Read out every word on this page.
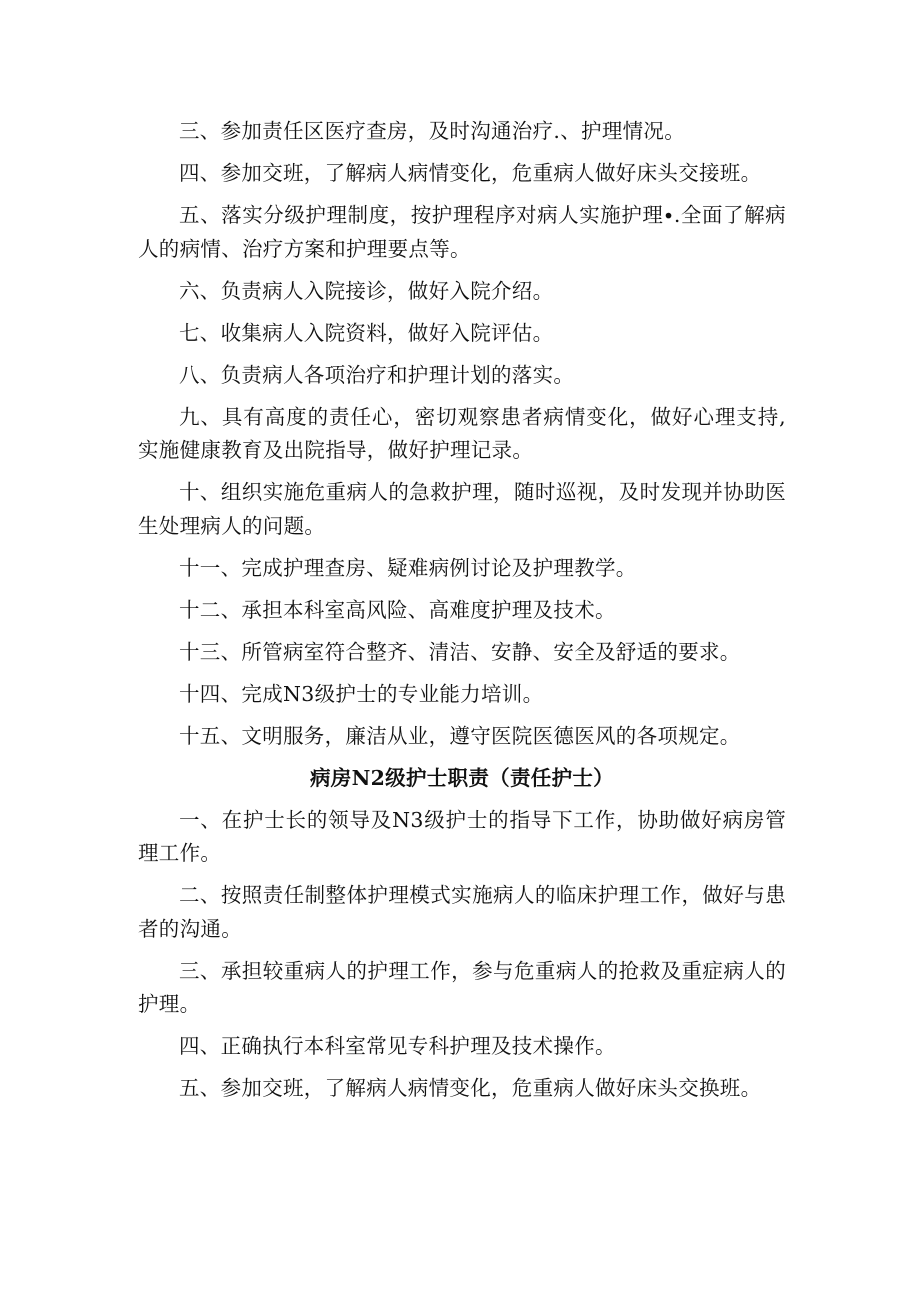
三、参加责任区医疗查房，及时沟通治疗.、护理情况。

四、参加交班，了解病人病情变化，危重病人做好床头交接班。

五、落实分级护理制度，按护理程序对病人实施护理∙.全面了解病人的病情、治疗方案和护理要点等。

六、负责病人入院接诊，做好入院介绍。

七、收集病人入院资料，做好入院评估。

八、负责病人各项治疗和护理计划的落实。

九、具有高度的责任心，密切观察患者病情变化，做好心理支持,实施健康教育及出院指导，做好护理记录。

十、组织实施危重病人的急救护理，随时巡视，及时发现并协助医生处理病人的问题。

十一、完成护理查房、疑难病例讨论及护理教学。

十二、承担本科室高风险、高难度护理及技术。

十三、所管病室符合整齐、清洁、安静、安全及舒适的要求。

十四、完成N3级护士的专业能力培训。

十五、文明服务，廉洁从业，遵守医院医德医风的各项规定。

病房N2级护士职责（责任护士）

一、在护士长的领导及N3级护士的指导下工作，协助做好病房管理工作。

二、按照责任制整体护理模式实施病人的临床护理工作，做好与患者的沟通。

三、承担较重病人的护理工作，参与危重病人的抢救及重症病人的护理。

四、正确执行本科室常见专科护理及技术操作。

五、参加交班，了解病人病情变化，危重病人做好床头交换班。
